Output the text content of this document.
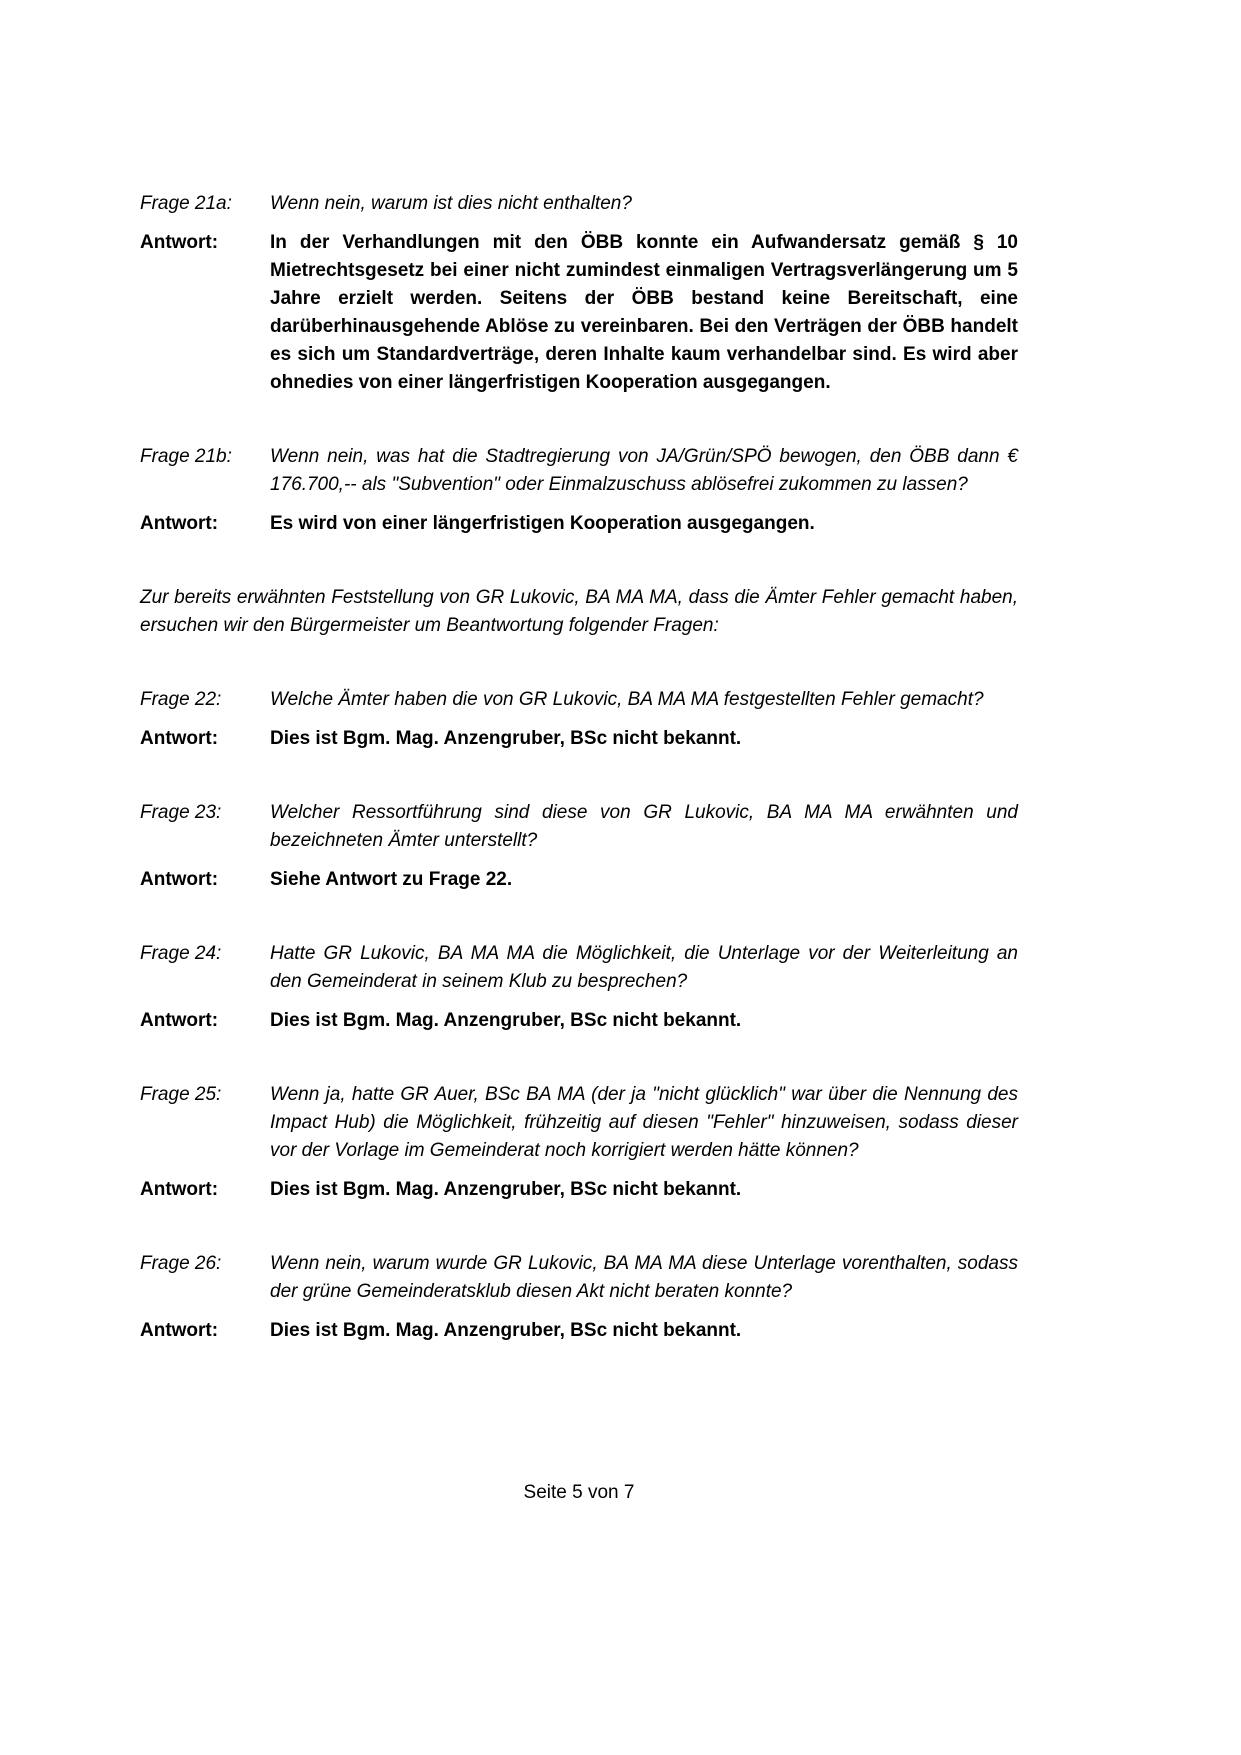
Frage 21a:	Wenn nein, warum ist dies nicht enthalten?
Antwort:	In der Verhandlungen mit den ÖBB konnte ein Aufwandersatz gemäß § 10 Mietrechtsgesetz bei einer nicht zumindest einmaligen Vertragsverlängerung um 5 Jahre erzielt werden. Seitens der ÖBB bestand keine Bereitschaft, eine darüberhinausgehende Ablöse zu vereinbaren. Bei den Verträgen der ÖBB handelt es sich um Standardverträge, deren Inhalte kaum verhandelbar sind. Es wird aber ohnedies von einer längerfristigen Kooperation ausgegangen.
Frage 21b:	Wenn nein, was hat die Stadtregierung von JA/Grün/SPÖ bewogen, den ÖBB dann € 176.700,-- als "Subvention" oder Einmalzuschuss ablösefrei zukommen zu lassen?
Antwort:	Es wird von einer längerfristigen Kooperation ausgegangen.

Zur bereits erwähnten Feststellung von GR Lukovic, BA MA MA, dass die Ämter Fehler gemacht haben, ersuchen wir den Bürgermeister um Beantwortung folgender Fragen:

Frage 22:	Welche Ämter haben die von GR Lukovic, BA MA MA festgestellten Fehler gemacht?
Antwort:	Dies ist Bgm. Mag. Anzengruber, BSc nicht bekannt.
Frage 23:	Welcher Ressortführung sind diese von GR Lukovic, BA MA MA erwähnten und bezeichneten Ämter unterstellt?
Antwort:	Siehe Antwort zu Frage 22.
Frage 24:	Hatte GR Lukovic, BA MA MA die Möglichkeit, die Unterlage vor der Weiterleitung an den Gemeinderat in seinem Klub zu besprechen?
Antwort:	Dies ist Bgm. Mag. Anzengruber, BSc nicht bekannt.
Frage 25:	Wenn ja, hatte GR Auer, BSc BA MA (der ja "nicht glücklich" war über die Nennung des Impact Hub) die Möglichkeit, frühzeitig auf diesen "Fehler" hinzuweisen, sodass dieser vor der Vorlage im Gemeinderat noch korrigiert werden hätte können?
Antwort:	Dies ist Bgm. Mag. Anzengruber, BSc nicht bekannt.
Frage 26:	Wenn nein, warum wurde GR Lukovic, BA MA MA diese Unterlage vorenthalten, sodass der grüne Gemeinderatsklub diesen Akt nicht beraten konnte?
Antwort:	Dies ist Bgm. Mag. Anzengruber, BSc nicht bekannt.
Seite 5 von 7
